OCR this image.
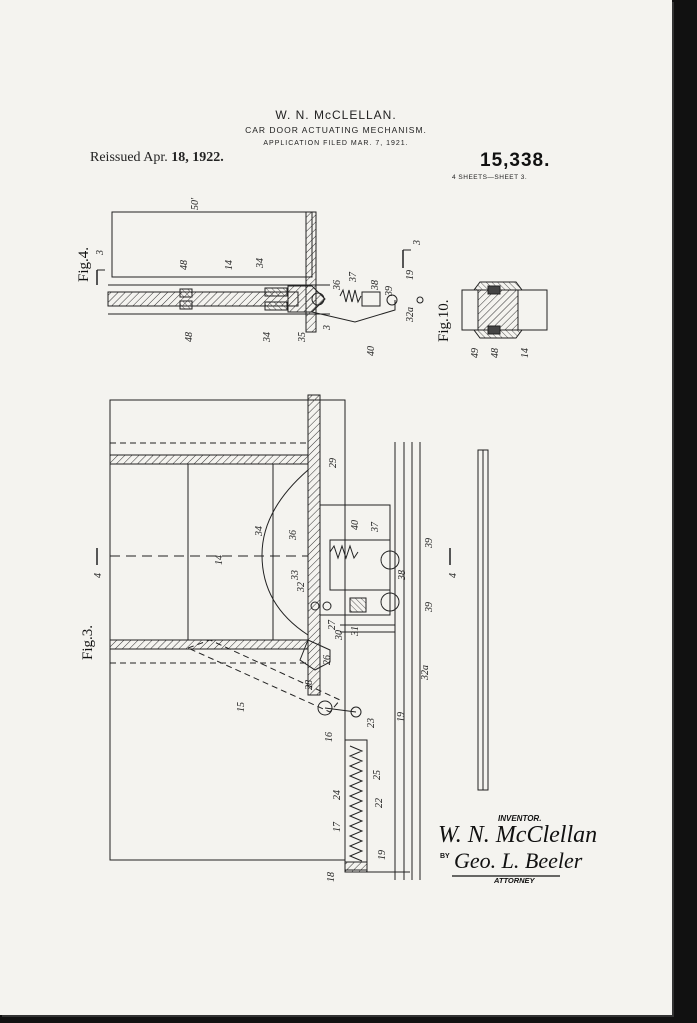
W. N. McCLELLAN.
CAR DOOR ACTUATING MECHANISM.
APPLICATION FILED MAR. 7, 1921.
Reissued Apr. 18, 1922.	15,338.
4 SHEETS—SHEET 3.
Fig.4.
Fig.10.
Fig.3.
50'
14 34
48
48	34 35
36
37
38
39
40
19
32a
3
3
3
49 48 14
29
34 36
14
40 37
39
39
38
32
33
30 31
27
26
28
32a
15
16
23
19
25
24
22
17
18
19
4	4
INVENTOR.
W. N. McClellan
BY Geo. L. Beeler
ATTORNEY
